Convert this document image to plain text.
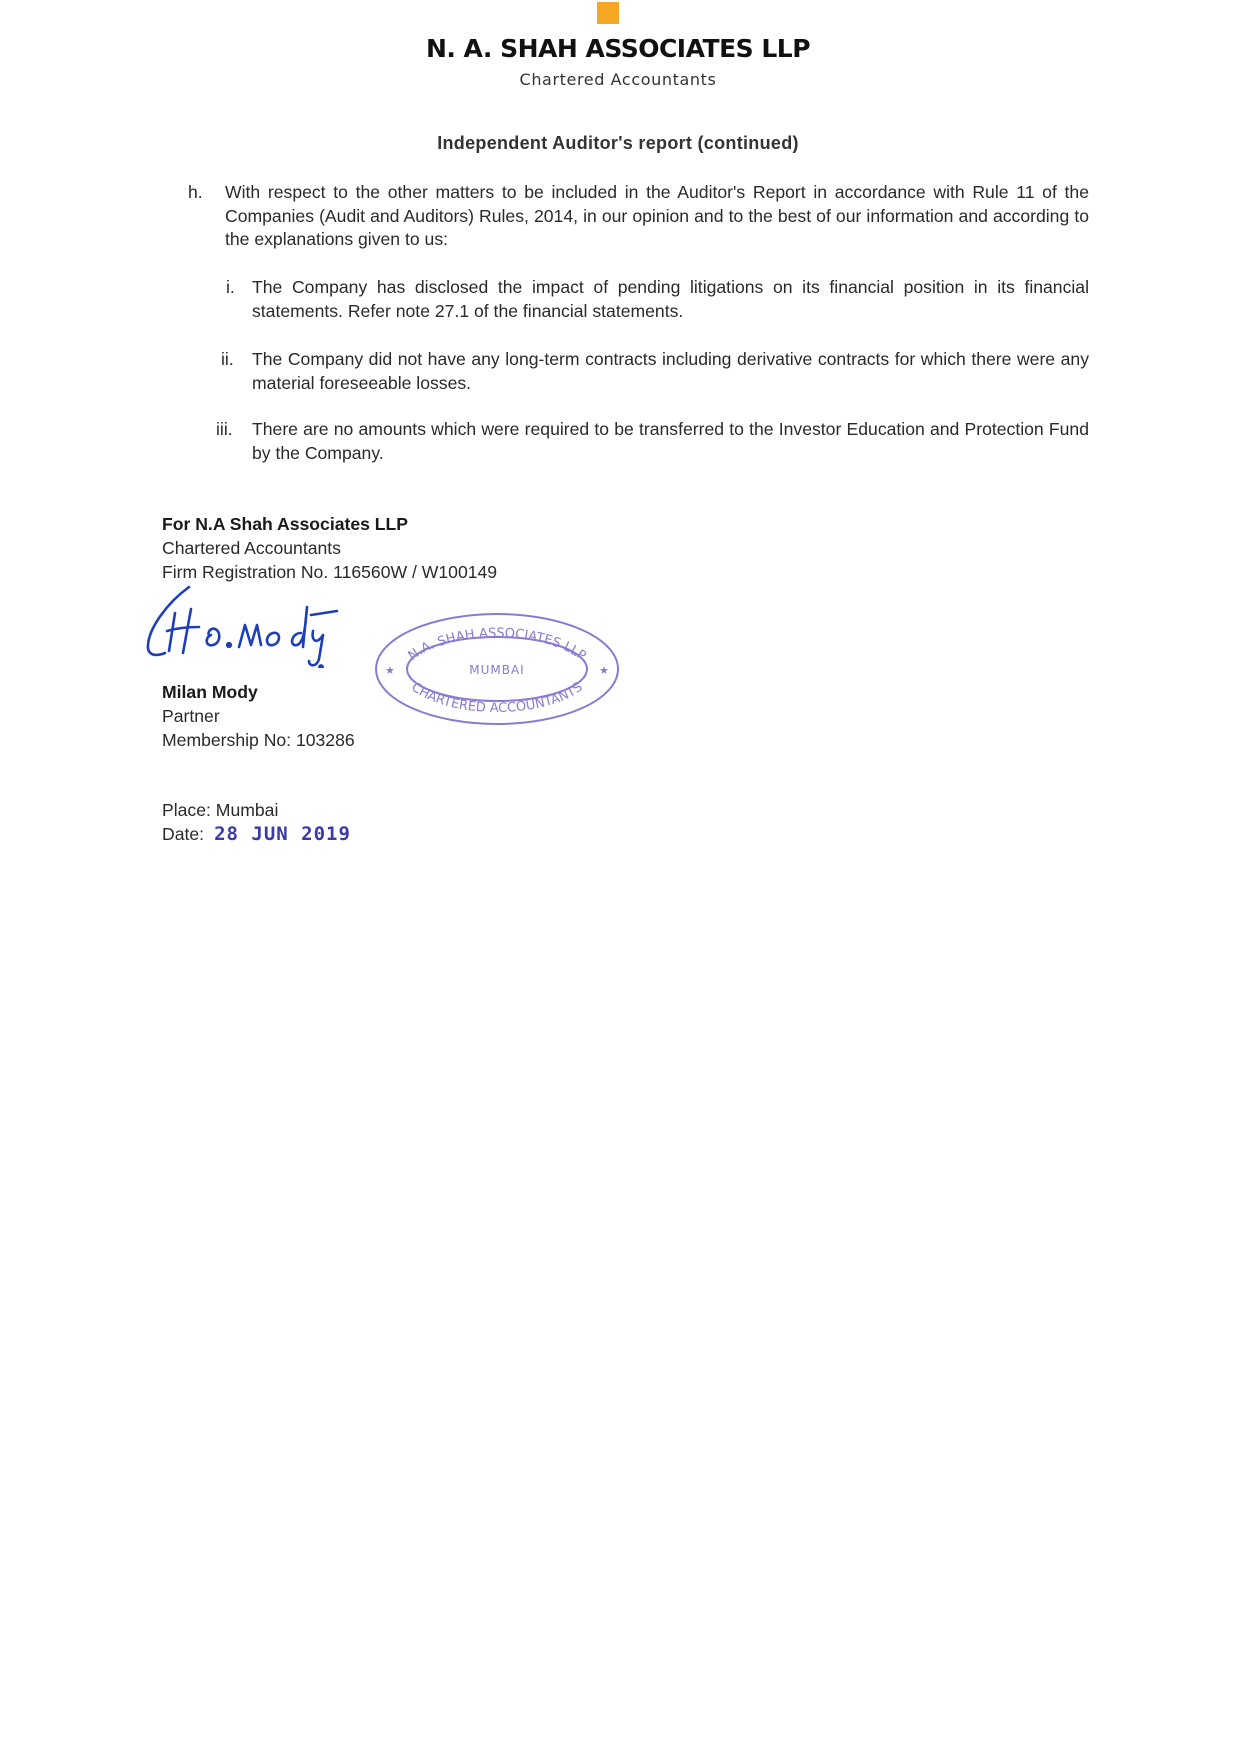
N. A. SHAH ASSOCIATES LLP
Chartered Accountants
Independent Auditor's report (continued)
h. With respect to the other matters to be included in the Auditor's Report in accordance with Rule 11 of the Companies (Audit and Auditors) Rules, 2014, in our opinion and to the best of our information and according to the explanations given to us:
i. The Company has disclosed the impact of pending litigations on its financial position in its financial statements. Refer note 27.1 of the financial statements.
ii. The Company did not have any long-term contracts including derivative contracts for which there were any material foreseeable losses.
iii. There are no amounts which were required to be transferred to the Investor Education and Protection Fund by the Company.
For N.A Shah Associates LLP
Chartered Accountants
Firm Registration No. 116560W / W100149
N.A. SHAH ASSOCIATES LLP
CHARTERED ACCOUNTANTS
MUMBAI
★	★
Milan Mody
Partner
Membership No: 103286
Place: Mumbai
Date: 28 JUN 2019
